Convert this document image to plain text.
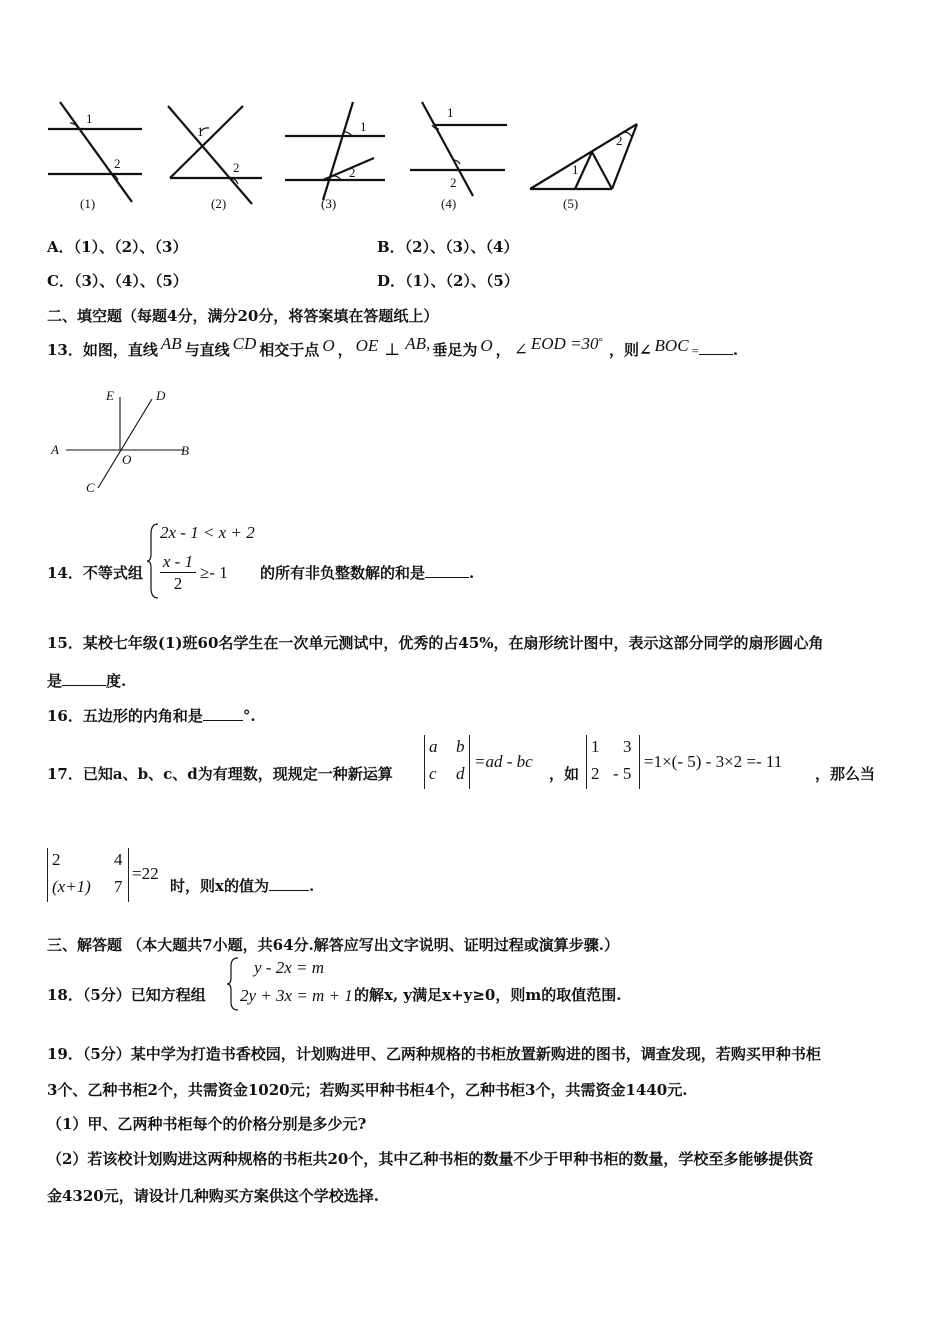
1
2
(1)
1
2
(2)
1
2
(3)
1
2
(4)
1
2
(5)
A．（1）、（2）、（3）	B．（2）、（3）、（4）
C．（3）、（4）、（5）	D．（1）、（2）、（5）
二、填空题（每题4分，满分20分，将答案填在答题纸上）
13．如图，直线 AB 与直线 CD 相交于点 O ， OE ⊥ AB, 垂足为 O ， ∠ EOD =30° ，则∠ BOC = .
E	D
A	B
O
C
14．不等式组
2x - 1 < x + 2
x - 1
2
≥- 1 的所有非负整数解的和是	.
15．某校七年级(1)班60名学生在一次单元测试中，优秀的占45%，在扇形统计图中，表示这部分同学的扇形圆心角
是	度.
16．五边形的内角和是	°.
17．已知a、b、c、d为有理数，现规定一种新运算
a b
c d
=ad - bc
，如
1 3
2 - 5
=1×(- 5) - 3×2 =- 11
，那么当
2	4
(x+1) 7
=22
时，则x的值为	.
三、解答题 （本大题共7小题，共64分.解答应写出文字说明、证明过程或演算步骤.）
18．（5分）已知方程组
y - 2x = m
2y + 3x = m + 1 的解x, y满足x+y≥0，则m的取值范围.
19．（5分）某中学为打造书香校园，计划购进甲、乙两种规格的书柜放置新购进的图书，调查发现，若购买甲种书柜
3个、乙种书柜2个，共需资金1020元；若购买甲种书柜4个，乙种书柜3个，共需资金1440元.
（1）甲、乙两种书柜每个的价格分别是多少元?
（2）若该校计划购进这两种规格的书柜共20个，其中乙种书柜的数量不少于甲种书柜的数量，学校至多能够提供资
金4320元，请设计几种购买方案供这个学校选择.
